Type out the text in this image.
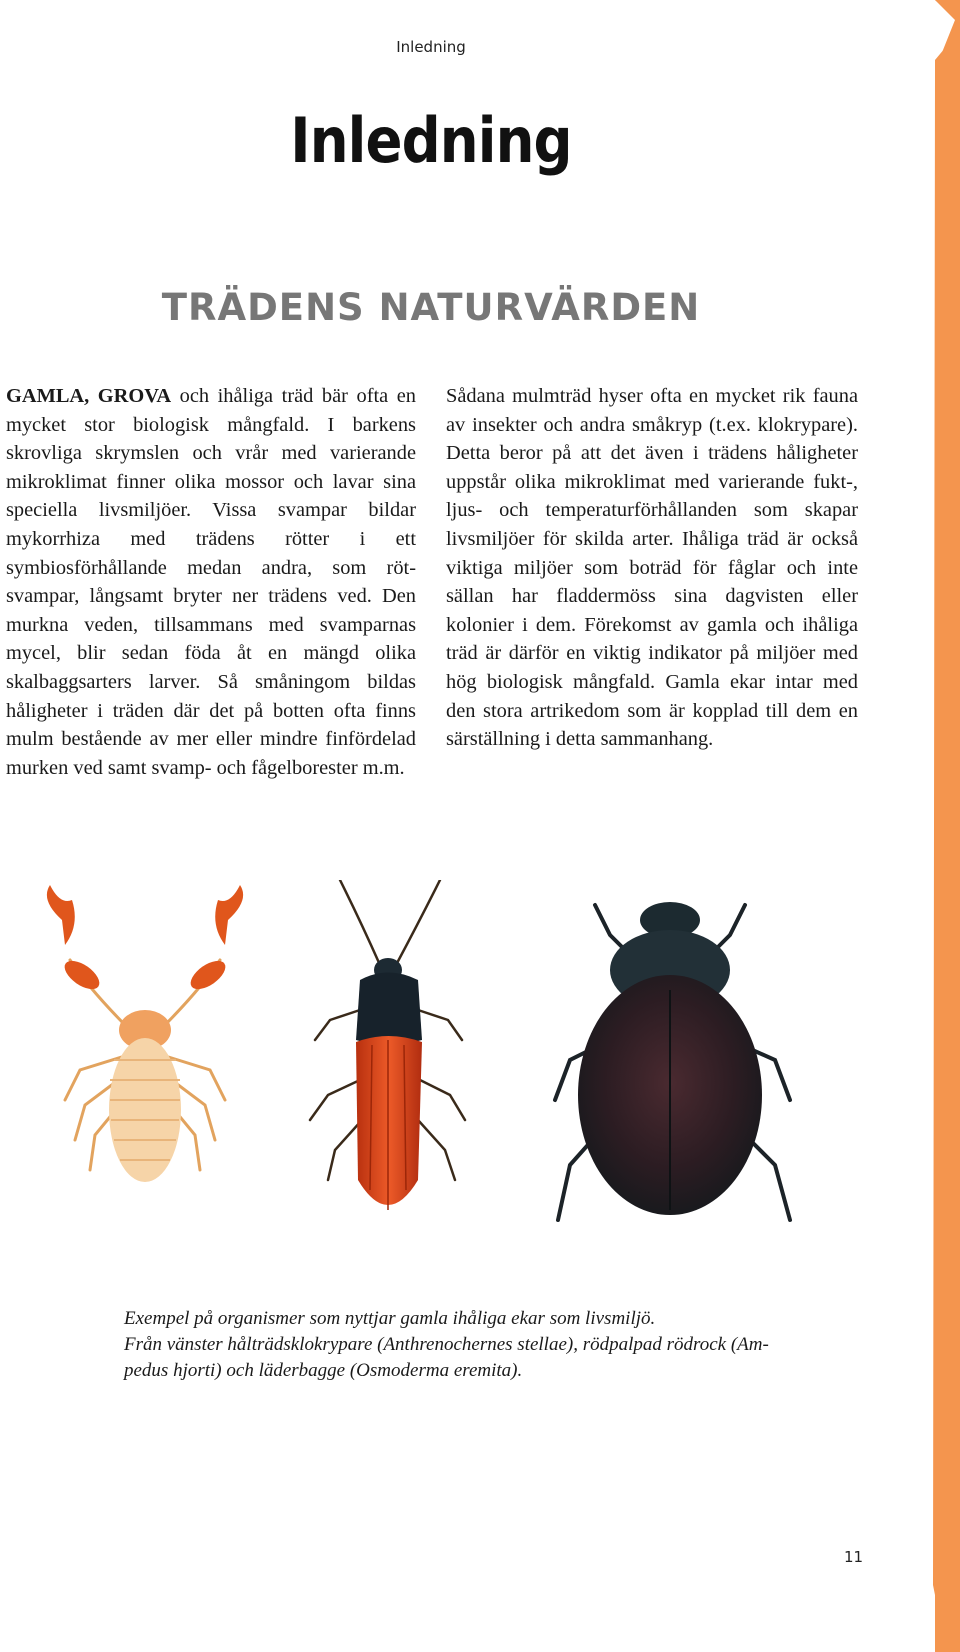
Inledning
Inledning
TRÄDENS NATURVÄRDEN

GAMLA, GROVA och ihåliga träd bär ofta en mycket stor biologisk mångfald. I barkens skrovliga skrymslen och vrår med varierande mikroklimat finner olika mossor och lavar sina speciella livsmiljöer. Vissa svampar bildar mykorrhiza med trädens rötter i ett symbiosförhållande medan andra, som rötsvampar, långsamt bryter ner trädens ved. Den murkna veden, tillsammans med svamparnas mycel, blir sedan föda åt en mängd olika skalbaggsarters larver. Så småningom bildas håligheter i träden där det på botten ofta finns mulm bestående av mer eller mindre finfördelad murken ved samt svamp- och fågelborester m.m.

Sådana mulmträd hyser ofta en mycket rik fauna av insekter och andra småkryp (t.ex. klokrypare). Detta beror på att det även i trädens håligheter uppstår olika mikroklimat med varierande fukt-, ljus- och temperaturförhållanden som skapar livsmiljöer för skilda arter. Ihåliga träd är också viktiga miljöer som boträd för fåglar och inte sällan har fladdermöss sina dagvisten eller kolonier i dem. Förekomst av gamla och ihåliga träd är därför en viktig indikator på miljöer med hög biologisk mångfald. Gamla ekar intar med den stora artrikedom som är kopplad till dem en särställning i detta sammanhang.

Exempel på organismer som nyttjar gamla ihåliga ekar som livsmiljö.
Från vänster hålträdsklokrypare (Anthrenochernes stellae), rödpalpad rödrock (Ampedus hjorti) och läderbagge (Osmoderma eremita).

11
